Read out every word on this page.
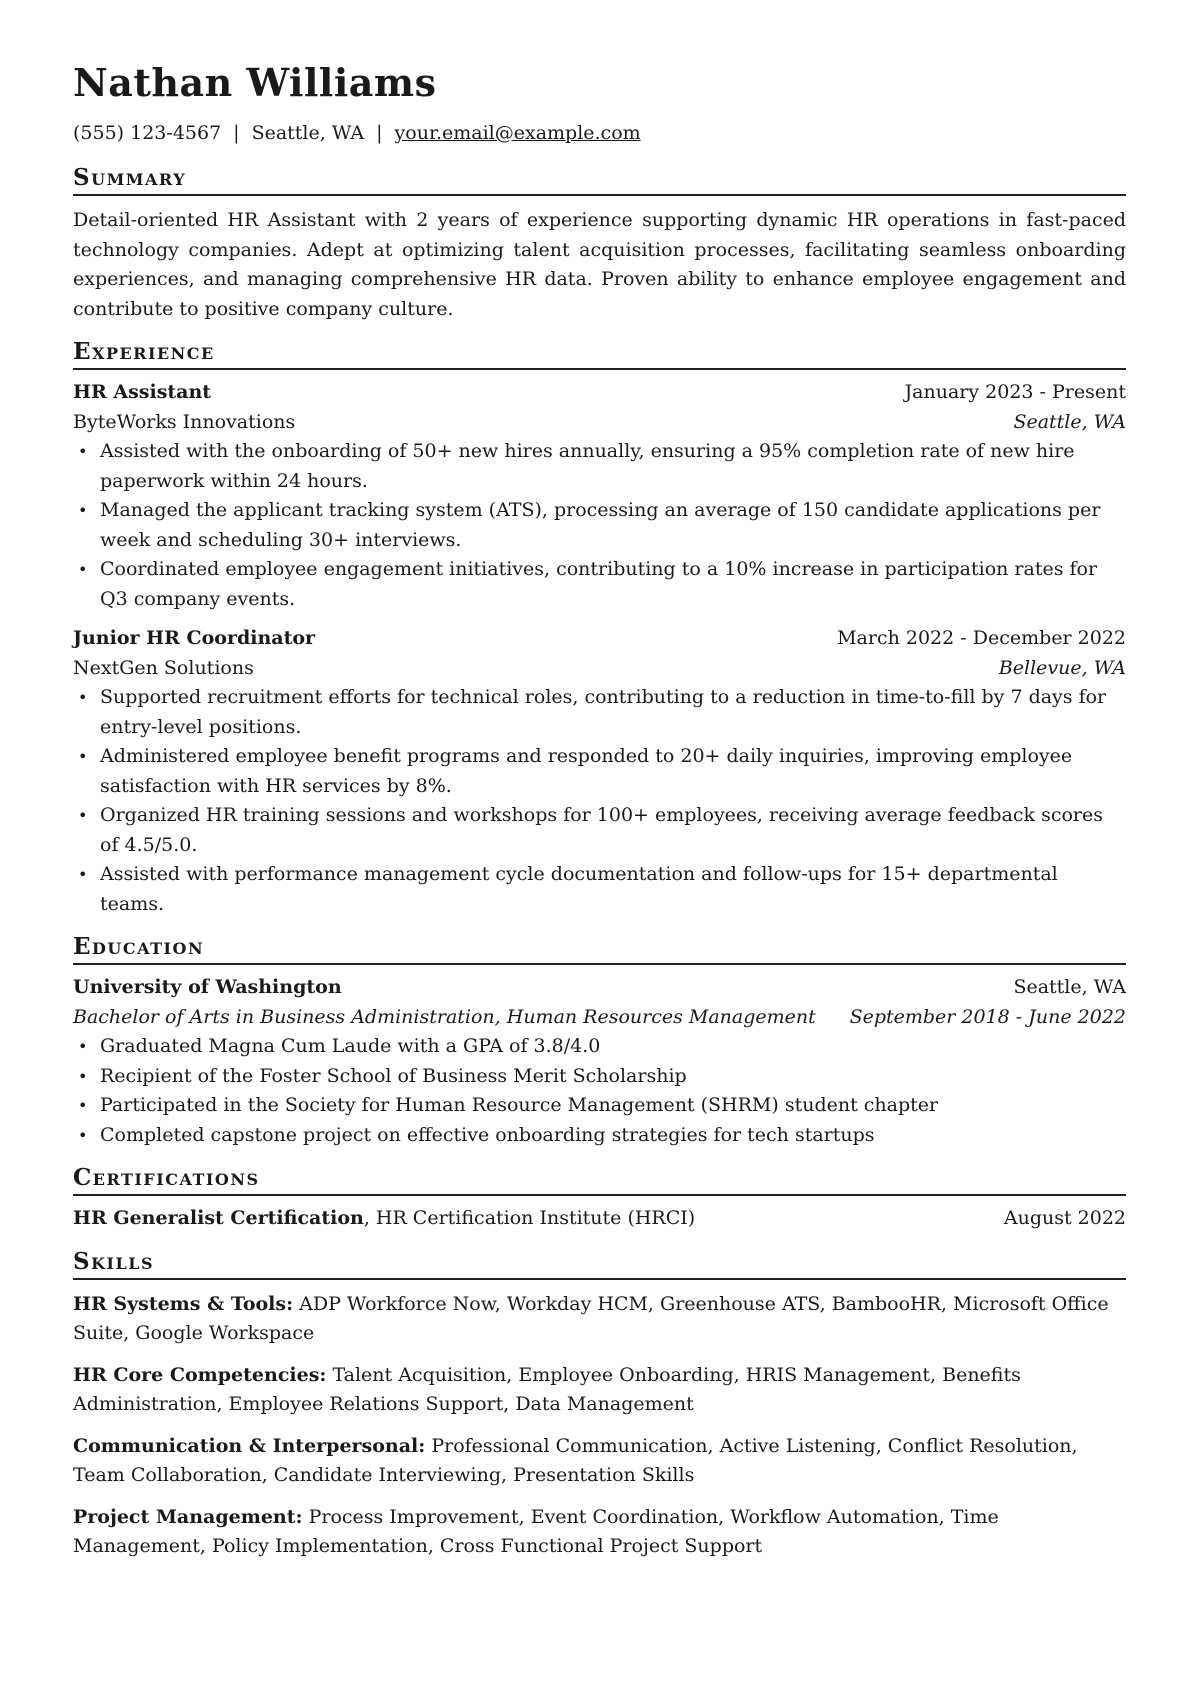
Nathan Williams
(555) 123-4567 | Seattle, WA | your.email@example.com
Summary
Detail-oriented HR Assistant with 2 years of experience supporting dynamic HR operations in fast-paced technology companies. Adept at optimizing talent acquisition processes, facilitating seamless onboarding experiences, and managing comprehensive HR data. Proven ability to enhance employee engagement and contribute to positive company culture.
Experience
HR Assistant	January 2023 - Present
ByteWorks Innovations	Seattle, WA
• Assisted with the onboarding of 50+ new hires annually, ensuring a 95% completion rate of new hire paperwork within 24 hours.
• Managed the applicant tracking system (ATS), processing an average of 150 candidate applications per week and scheduling 30+ interviews.
• Coordinated employee engagement initiatives, contributing to a 10% increase in participation rates for Q3 company events.
Junior HR Coordinator	March 2022 - December 2022
NextGen Solutions	Bellevue, WA
• Supported recruitment efforts for technical roles, contributing to a reduction in time-to-fill by 7 days for entry-level positions.
• Administered employee benefit programs and responded to 20+ daily inquiries, improving employee satisfaction with HR services by 8%.
• Organized HR training sessions and workshops for 100+ employees, receiving average feedback scores of 4.5/5.0.
• Assisted with performance management cycle documentation and follow-ups for 15+ departmental teams.
Education
University of Washington	Seattle, WA
Bachelor of Arts in Business Administration, Human Resources Management September 2018 - June 2022
• Graduated Magna Cum Laude with a GPA of 3.8/4.0
• Recipient of the Foster School of Business Merit Scholarship
• Participated in the Society for Human Resource Management (SHRM) student chapter
• Completed capstone project on effective onboarding strategies for tech startups
Certifications
HR Generalist Certification, HR Certification Institute (HRCI)	August 2022
Skills
HR Systems & Tools: ADP Workforce Now, Workday HCM, Greenhouse ATS, BambooHR, Microsoft Office Suite, Google Workspace
HR Core Competencies: Talent Acquisition, Employee Onboarding, HRIS Management, Benefits Administration, Employee Relations Support, Data Management
Communication & Interpersonal: Professional Communication, Active Listening, Conflict Resolution, Team Collaboration, Candidate Interviewing, Presentation Skills
Project Management: Process Improvement, Event Coordination, Workflow Automation, Time Management, Policy Implementation, Cross Functional Project Support
